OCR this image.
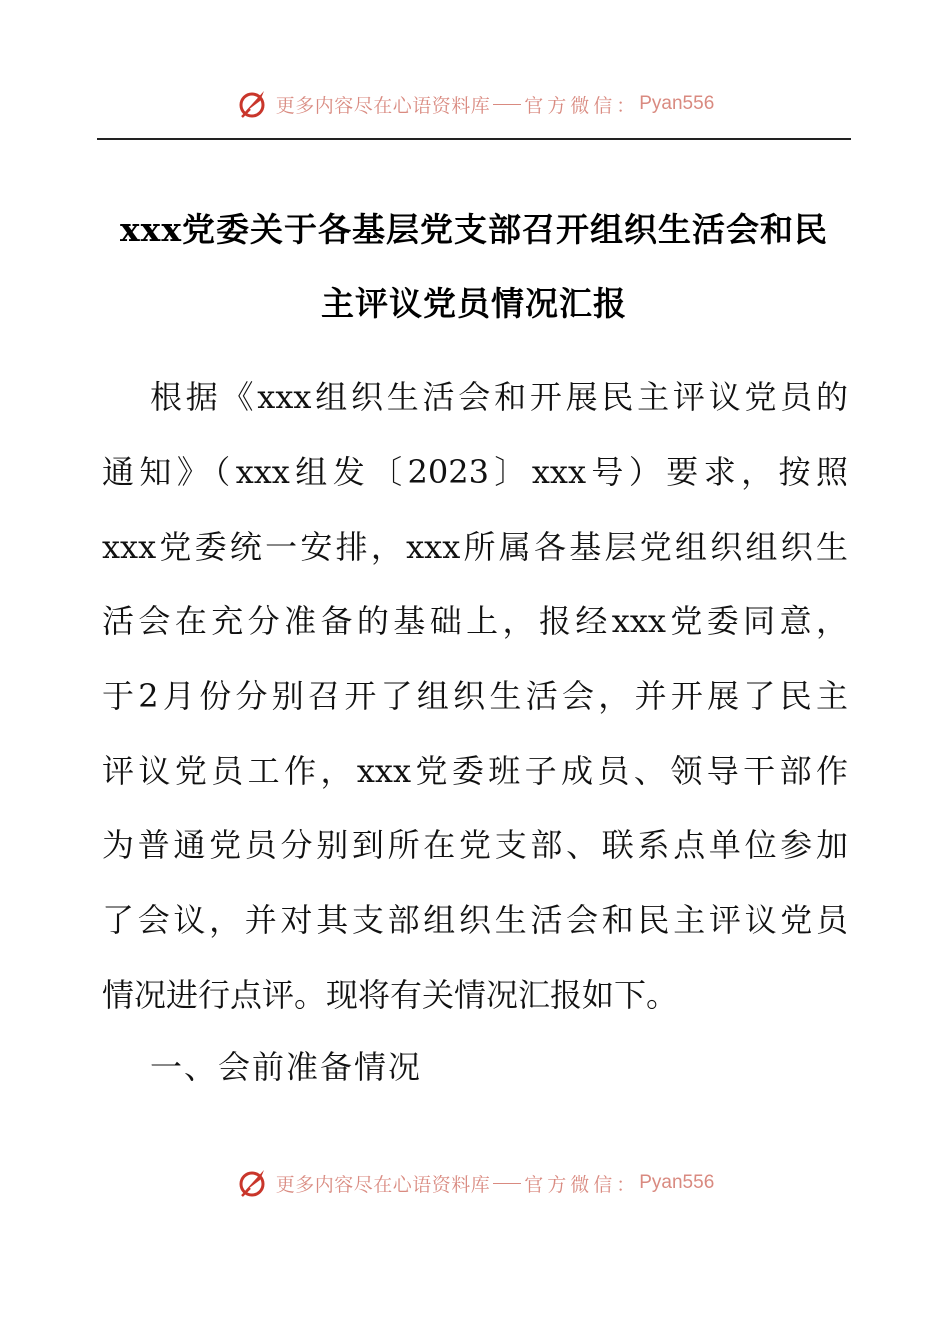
更多内容尽在心语资料库 官方微信： Pyan556
xxx党委关于各基层党支部召开组织生活会和民
主评议党员情况汇报
根据《xxx组织生活会和开展民主评议党员的
通知》（xxx组发〔2023〕xxx号）要求，按照
xxx党委统一安排，xxx所属各基层党组织组织生
活会在充分准备的基础上，报经xxx党委同意，
于2月份分别召开了组织生活会，并开展了民主
评议党员工作，xxx党委班子成员、领导干部作
为普通党员分别到所在党支部、联系点单位参加
了会议，并对其支部组织生活会和民主评议党员
情况进行点评。现将有关情况汇报如下。
一、会前准备情况
更多内容尽在心语资料库 官方微信： Pyan556
